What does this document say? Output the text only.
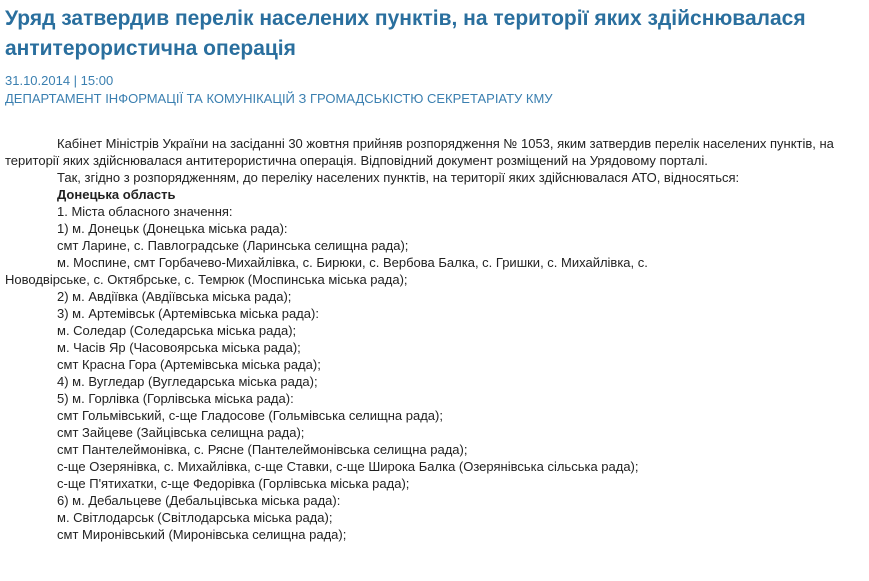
Уряд затвердив перелік населених пунктів, на території яких здійснювалася антитерористична операція
31.10.2014 | 15:00
ДЕПАРТАМЕНТ ІНФОРМАЦІЇ ТА КОМУНІКАЦІЙ З ГРОМАДСЬКІСТЮ СЕКРЕТАРІАТУ КМУ

Кабінет Міністрів України на засіданні 30 жовтня прийняв розпорядження № 1053, яким затвердив перелік населених пунктів, на території яких здійснювалася антитерористична операція. Відповідний документ розміщений на Урядовому порталі.

Так, згідно з розпорядженням, до переліку населених пунктів, на території яких здійснювалася АТО, відносяться:

Донецька область
1. Міста обласного значення:
1) м. Донецьк (Донецька міська рада):
смт Ларине, с. Павлоградське (Ларинська селищна рада);
м. Моспине, смт Горбачево-Михайлівка, с. Бирюки, с. Вербова Балка, с. Гришки, с. Михайлівка, с.
Новодвірське, с. Октябрське, с. Темрюк (Моспинська міська рада);
2) м. Авдіївка (Авдіївська міська рада);
3) м. Артемівськ (Артемівська міська рада):
м. Соледар (Соледарська міська рада);
м. Часів Яр (Часовоярська міська рада);
смт Красна Гора (Артемівська міська рада);
4) м. Вугледар (Вугледарська міська рада);
5) м. Горлівка (Горлівська міська рада):
смт Гольмівський, с-ще Гладосове (Гольмівська селищна рада);
смт Зайцеве (Зайцівська селищна рада);
смт Пантелеймонівка, с. Рясне (Пантелеймонівська селищна рада);
с-ще Озерянівка, с. Михайлівка, с-ще Ставки, с-ще Широка Балка (Озерянівська сільська рада);
с-ще П'ятихатки, с-ще Федорівка (Горлівська міська рада);
6) м. Дебальцеве (Дебальцівська міська рада):
м. Світлодарськ (Світлодарська міська рада);
смт Миронівський (Миронівська селищна рада);
